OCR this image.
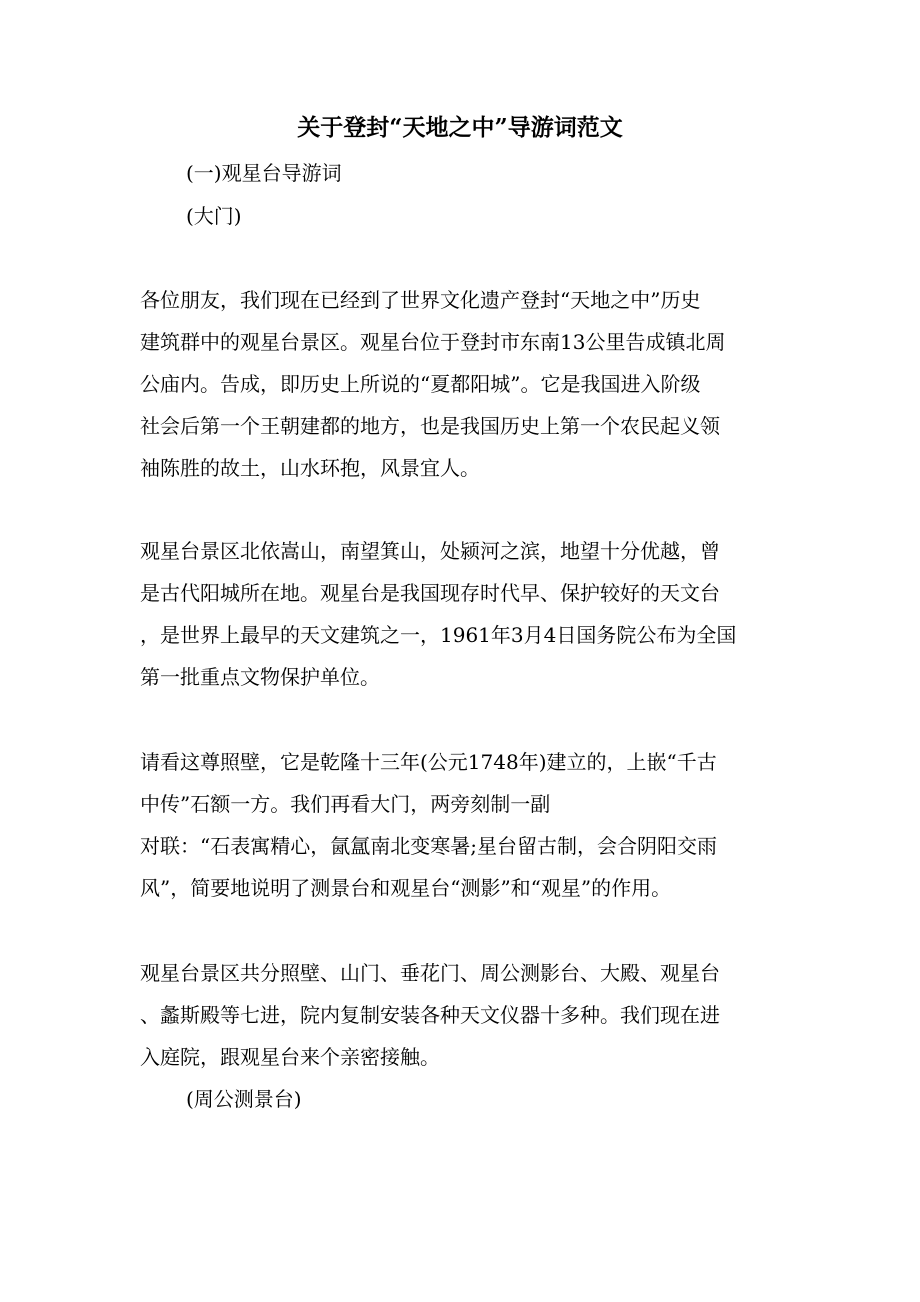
关于登封“天地之中”导游词范文
(一)观星台导游词
(大门)
各位朋友，我们现在已经到了世界文化遗产登封“天地之中”历史
建筑群中的观星台景区。观星台位于登封市东南13公里告成镇北周
公庙内。告成，即历史上所说的“夏都阳城”。它是我国进入阶级
社会后第一个王朝建都的地方，也是我国历史上第一个农民起义领
袖陈胜的故土，山水环抱，风景宜人。
观星台景区北依嵩山，南望箕山，处颍河之滨，地望十分优越，曾
是古代阳城所在地。观星台是我国现存时代早、保护较好的天文台
，是世界上最早的天文建筑之一，1961年3月4日国务院公布为全国
第一批重点文物保护单位。
请看这尊照壁，它是乾隆十三年(公元1748年)建立的，上嵌“千古
中传”石额一方。我们再看大门，两旁刻制一副
对联：“石表寓精心，氤氲南北变寒暑;星台留古制，会合阴阳交雨
风”，简要地说明了测景台和观星台“测影”和“观星”的作用。
观星台景区共分照壁、山门、垂花门、周公测影台、大殿、观星台
、蠡斯殿等七进，院内复制安装各种天文仪器十多种。我们现在进
入庭院，跟观星台来个亲密接触。
(周公测景台)
